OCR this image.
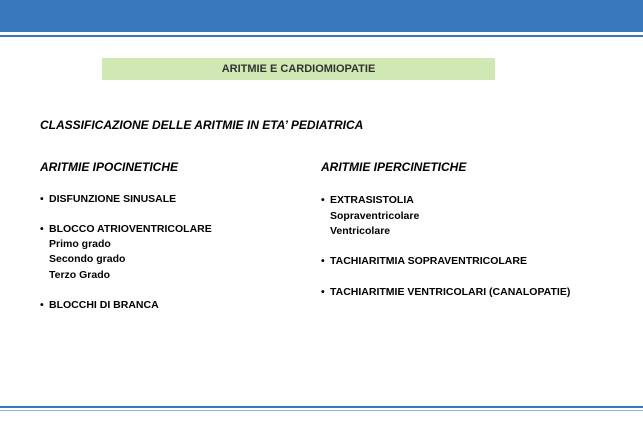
ARITMIE E CARDIOMIOPATIE
CLASSIFICAZIONE DELLE ARITMIE IN ETA’ PEDIATRICA
ARITMIE IPOCINETICHE	ARITMIE IPERCINETICHE
• DISFUNZIONE SINUSALE
• BLOCCO ATRIOVENTRICOLARE
Primo grado
Secondo grado
Terzo Grado
• BLOCCHI DI BRANCA
• EXTRASISTOLIA
Sopraventricolare
Ventricolare
• TACHIARITMIA SOPRAVENTRICOLARE
• TACHIARITMIE VENTRICOLARI (CANALOPATIE)
